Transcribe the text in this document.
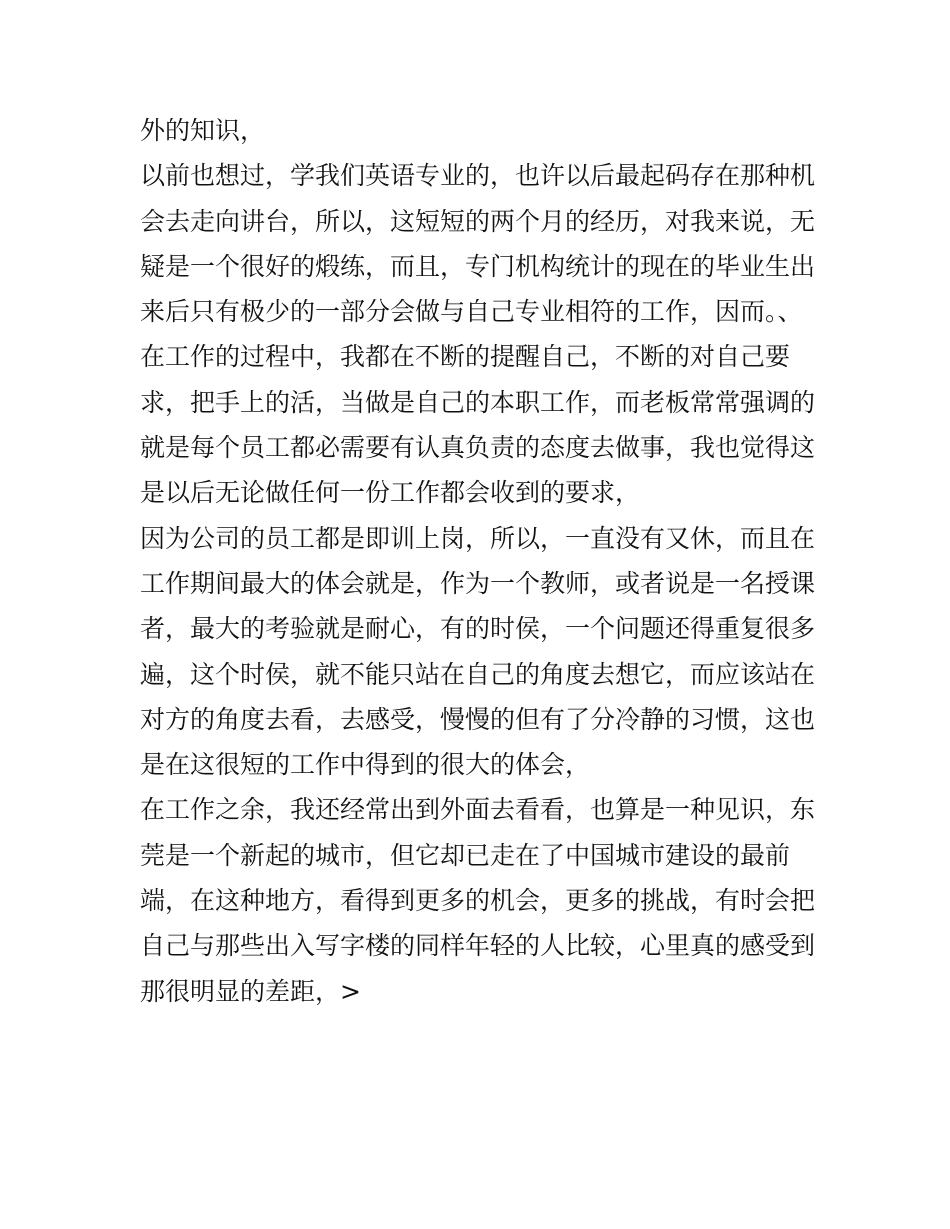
外的知识，
以前也想过，学我们英语专业的，也许以后最起码存在那种机
会去走向讲台，所以，这短短的两个月的经历，对我来说，无
疑是一个很好的煅练，而且，专门机构统计的现在的毕业生出
来后只有极少的一部分会做与自己专业相符的工作，因而。、
在工作的过程中，我都在不断的提醒自己，不断的对自己要
求，把手上的活，当做是自己的本职工作，而老板常常强调的
就是每个员工都必需要有认真负责的态度去做事，我也觉得这
是以后无论做任何一份工作都会收到的要求，
因为公司的员工都是即训上岗，所以，一直没有又休，而且在
工作期间最大的体会就是，作为一个教师，或者说是一名授课
者，最大的考验就是耐心，有的时侯，一个问题还得重复很多
遍，这个时侯，就不能只站在自己的角度去想它，而应该站在
对方的角度去看，去感受，慢慢的但有了分冷静的习惯，这也
是在这很短的工作中得到的很大的体会，
在工作之余，我还经常出到外面去看看，也算是一种见识，东
莞是一个新起的城市，但它却已走在了中国城市建设的最前
端，在这种地方，看得到更多的机会，更多的挑战，有时会把
自己与那些出入写字楼的同样年轻的人比较，心里真的感受到
那很明显的差距，>
